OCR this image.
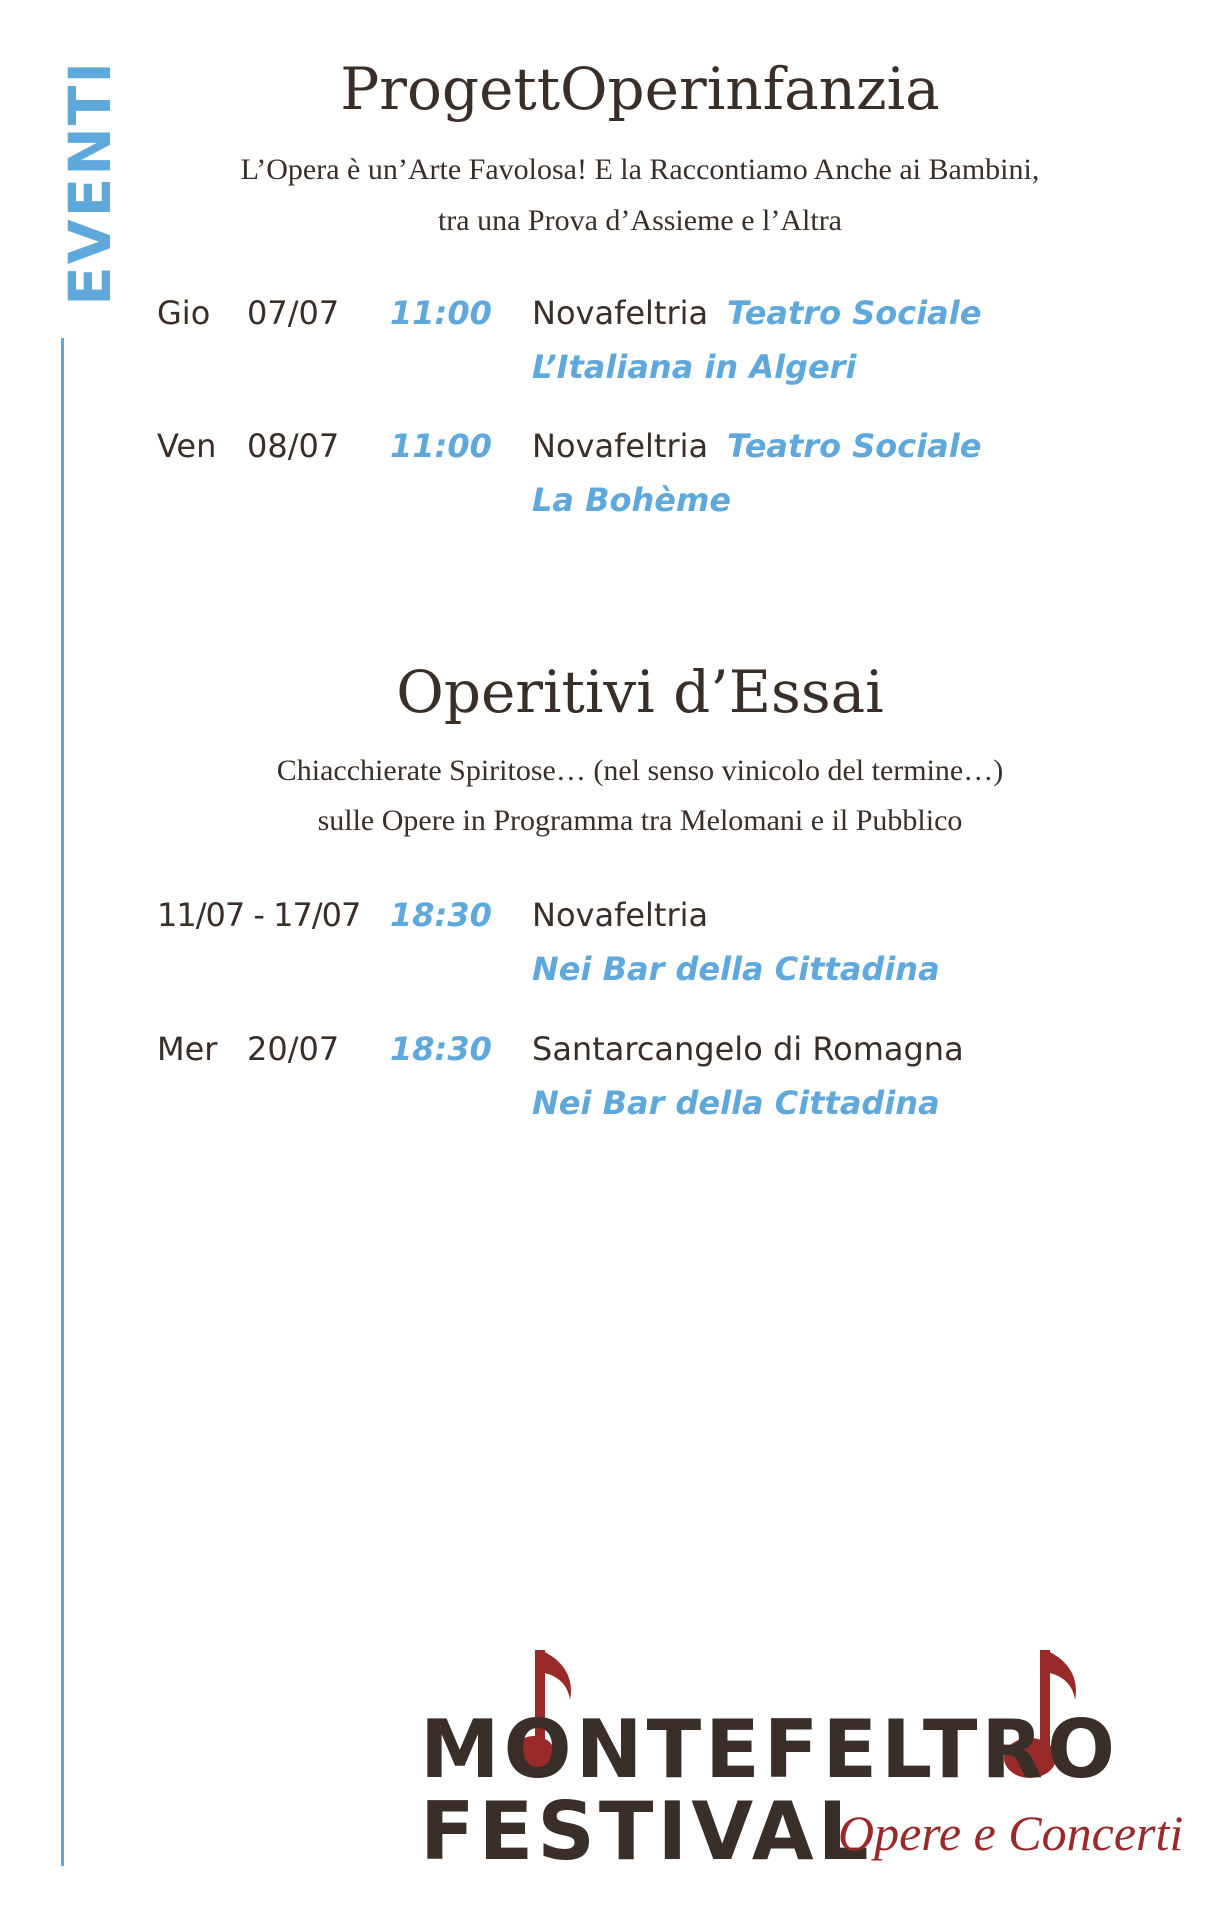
EVENTI	ProgettOperinfanzia

L’Opera è un’Arte Favolosa! E la Raccontiamo Anche ai Bambini,

tra una Prova d’Assieme e l’Altra

Gio 07/07 11:00 Novafeltria Teatro Sociale
L’Italiana in Algeri
Ven 08/07 11:00 Novafeltria Teatro Sociale
La Bohème
Operitivi d’Essai

Chiacchierate Spiritose… (nel senso vinicolo del termine…)

sulle Opere in Programma tra Melomani e il Pubblico

11/07 - 17/07 18:30 Novafeltria
Nei Bar della Cittadina
Mer 20/07 18:30 Santarcangelo di Romagna
Nei Bar della Cittadina
MONTEFELTRO
FESTIVAL
Opere e Concerti
